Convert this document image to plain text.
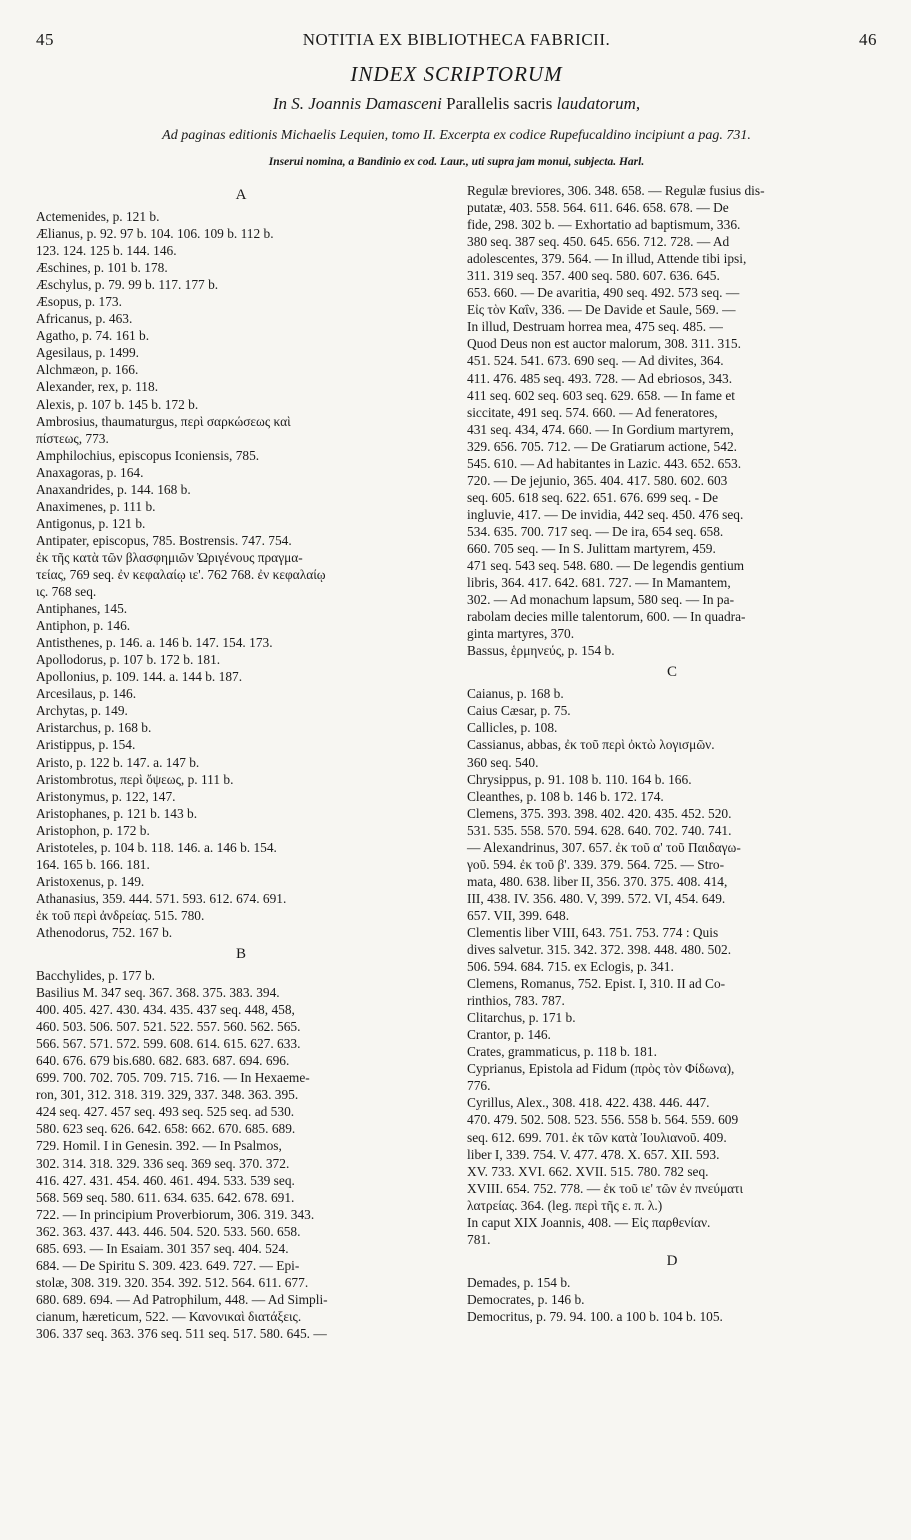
45	NOTITIA EX BIBLIOTHECA FABRICII.	46
INDEX SCRIPTORUM
In S. Joannis Damasceni Parallelis sacris laudatorum,
Ad paginas editionis Michaelis Lequien, tomo II. Excerpta ex codice Rupefucaldino incipiunt a pag. 731.
Inserui nomina, a Bandinio ex cod. Laur., uti supra jam monui, subjecta. Harl.
A

Actemenides, p. 121 b.

Ælianus, p. 92. 97 b. 104. 106. 109 b. 112 b.

123. 124. 125 b. 144. 146.

Æschines, p. 101 b. 178.

Æschylus, p. 79. 99 b. 117. 177 b.

Æsopus, p. 173.

Africanus, p. 463.

Agatho, p. 74. 161 b.

Agesilaus, p. 1499.

Alchmæon, p. 166.

Alexander, rex, p. 118.

Alexis, p. 107 b. 145 b. 172 b.

Ambrosius, thaumaturgus, περὶ σαρκώσεως καὶ

πίστεως, 773.

Amphilochius, episcopus Iconiensis, 785.

Anaxagoras, p. 164.

Anaxandrides, p. 144. 168 b.

Anaximenes, p. 111 b.

Antigonus, p. 121 b.

Antipater, episcopus, 785. Bostrensis. 747. 754.

ἐκ τῆς κατὰ τῶν βλασφημιῶν Ὠριγένους πραγμα-

τείας, 769 seq. ἐν κεφαλαίῳ ιε'. 762 768. ἐν κεφαλαίῳ

ις. 768 seq.

Antiphanes, 145.

Antiphon, p. 146.

Antisthenes, p. 146. a. 146 b. 147. 154. 173.

Apollodorus, p. 107 b. 172 b. 181.

Apollonius, p. 109. 144. a. 144 b. 187.

Arcesilaus, p. 146.

Archytas, p. 149.

Aristarchus, p. 168 b.

Aristippus, p. 154.

Aristo, p. 122 b. 147. a. 147 b.

Aristombrotus, περὶ ὄψεως, p. 111 b.

Aristonymus, p. 122, 147.

Aristophanes, p. 121 b. 143 b.

Aristophon, p. 172 b.

Aristoteles, p. 104 b. 118. 146. a. 146 b. 154.

164. 165 b. 166. 181.

Aristoxenus, p. 149.

Athanasius, 359. 444. 571. 593. 612. 674. 691.

ἐκ τοῦ περὶ ἀνδρείας. 515. 780.

Athenodorus, 752. 167 b.

B

Bacchylides, p. 177 b.

Basilius M. 347 seq. 367. 368. 375. 383. 394.

400. 405. 427. 430. 434. 435. 437 seq. 448, 458,

460. 503. 506. 507. 521. 522. 557. 560. 562. 565.

566. 567. 571. 572. 599. 608. 614. 615. 627. 633.

640. 676. 679 bis.680. 682. 683. 687. 694. 696.

699. 700. 702. 705. 709. 715. 716. — In Hexaeme-

ron, 301, 312. 318. 319. 329, 337. 348. 363. 395.

424 seq. 427. 457 seq. 493 seq. 525 seq. ad 530.

580. 623 seq. 626. 642. 658: 662. 670. 685. 689.

729. Homil. I in Genesin. 392. — In Psalmos,

302. 314. 318. 329. 336 seq. 369 seq. 370. 372.

416. 427. 431. 454. 460. 461. 494. 533. 539 seq.

568. 569 seq. 580. 611. 634. 635. 642. 678. 691.

722. — In principium Proverbiorum, 306. 319. 343.

362. 363. 437. 443. 446. 504. 520. 533. 560. 658.

685. 693. — In Esaiam. 301 357 seq. 404. 524.

684. — De Spiritu S. 309. 423. 649. 727. — Epi-

stolæ, 308. 319. 320. 354. 392. 512. 564. 611. 677.

680. 689. 694. — Ad Patrophilum, 448. — Ad Simpli-

cianum, hæreticum, 522. — Κανονικαὶ διατάξεις.

306. 337 seq. 363. 376 seq. 511 seq. 517. 580. 645. —

Regulæ breviores, 306. 348. 658. — Regulæ fusius dis-

putatæ, 403. 558. 564. 611. 646. 658. 678. — De

fide, 298. 302 b. — Exhortatio ad baptismum, 336.

380 seq. 387 seq. 450. 645. 656. 712. 728. — Ad

adolescentes, 379. 564. — In illud, Attende tibi ipsi,

311. 319 seq. 357. 400 seq. 580. 607. 636. 645.

653. 660. — De avaritia, 490 seq. 492. 573 seq. —

Εἰς τὸν Καΐν, 336. — De Davide et Saule, 569. —

In illud, Destruam horrea mea, 475 seq. 485. —

Quod Deus non est auctor malorum, 308. 311. 315.

451. 524. 541. 673. 690 seq. — Ad divites, 364.

411. 476. 485 seq. 493. 728. — Ad ebriosos, 343.

411 seq. 602 seq. 603 seq. 629. 658. — In fame et

siccitate, 491 seq. 574. 660. — Ad feneratores,

431 seq. 434, 474. 660. — In Gordium martyrem,

329. 656. 705. 712. — De Gratiarum actione, 542.

545. 610. — Ad habitantes in Lazic. 443. 652. 653.

720. — De jejunio, 365. 404. 417. 580. 602. 603

seq. 605. 618 seq. 622. 651. 676. 699 seq. - De

ingluvie, 417. — De invidia, 442 seq. 450. 476 seq.

534. 635. 700. 717 seq. — De ira, 654 seq. 658.

660. 705 seq. — In S. Julittam martyrem, 459.

471 seq. 543 seq. 548. 680. — De legendis gentium

libris, 364. 417. 642. 681. 727. — In Mamantem,

302. — Ad monachum lapsum, 580 seq. — In pa-

rabolam decies mille talentorum, 600. — In quadra-

ginta martyres, 370.

Bassus, ἑρμηνεύς, p. 154 b.

C

Caianus, p. 168 b.

Caius Cæsar, p. 75.

Callicles, p. 108.

Cassianus, abbas, ἐκ τοῦ περὶ ὀκτὼ λογισμῶν.

360 seq. 540.

Chrysippus, p. 91. 108 b. 110. 164 b. 166.

Cleanthes, p. 108 b. 146 b. 172. 174.

Clemens, 375. 393. 398. 402. 420. 435. 452. 520.

531. 535. 558. 570. 594. 628. 640. 702. 740. 741.

— Alexandrinus, 307. 657. ἐκ τοῦ α' τοῦ Παιδαγω-

γοῦ. 594. ἐκ τοῦ β'. 339. 379. 564. 725. — Stro-

mata, 480. 638. liber II, 356. 370. 375. 408. 414,

III, 438. IV. 356. 480. V, 399. 572. VI, 454. 649.

657. VII, 399. 648.

Clementis liber VIII, 643. 751. 753. 774 : Quis

dives salvetur. 315. 342. 372. 398. 448. 480. 502.

506. 594. 684. 715. ex Eclogis, p. 341.

Clemens, Romanus, 752. Epist. I, 310. II ad Co-

rinthios, 783. 787.

Clitarchus, p. 171 b.

Crantor, p. 146.

Crates, grammaticus, p. 118 b. 181.

Cyprianus, Epistola ad Fidum (πρὸς τὸν Φίδωνα),

776.

Cyrillus, Alex., 308. 418. 422. 438. 446. 447.

470. 479. 502. 508. 523. 556. 558 b. 564. 559. 609

seq. 612. 699. 701. ἐκ τῶν κατὰ Ἰουλιανοῦ. 409.

liber I, 339. 754. V. 477. 478. X. 657. XII. 593.

XV. 733. XVI. 662. XVII. 515. 780. 782 seq.

XVIII. 654. 752. 778. — ἐκ τοῦ ιε' τῶν ἐν πνεύματι

λατρείας. 364. (leg. περὶ τῆς ε. π. λ.)

In caput XIX Joannis, 408. — Εἰς παρθενίαν.

781.

D

Demades, p. 154 b.

Democrates, p. 146 b.

Democritus, p. 79. 94. 100. a 100 b. 104 b. 105.
